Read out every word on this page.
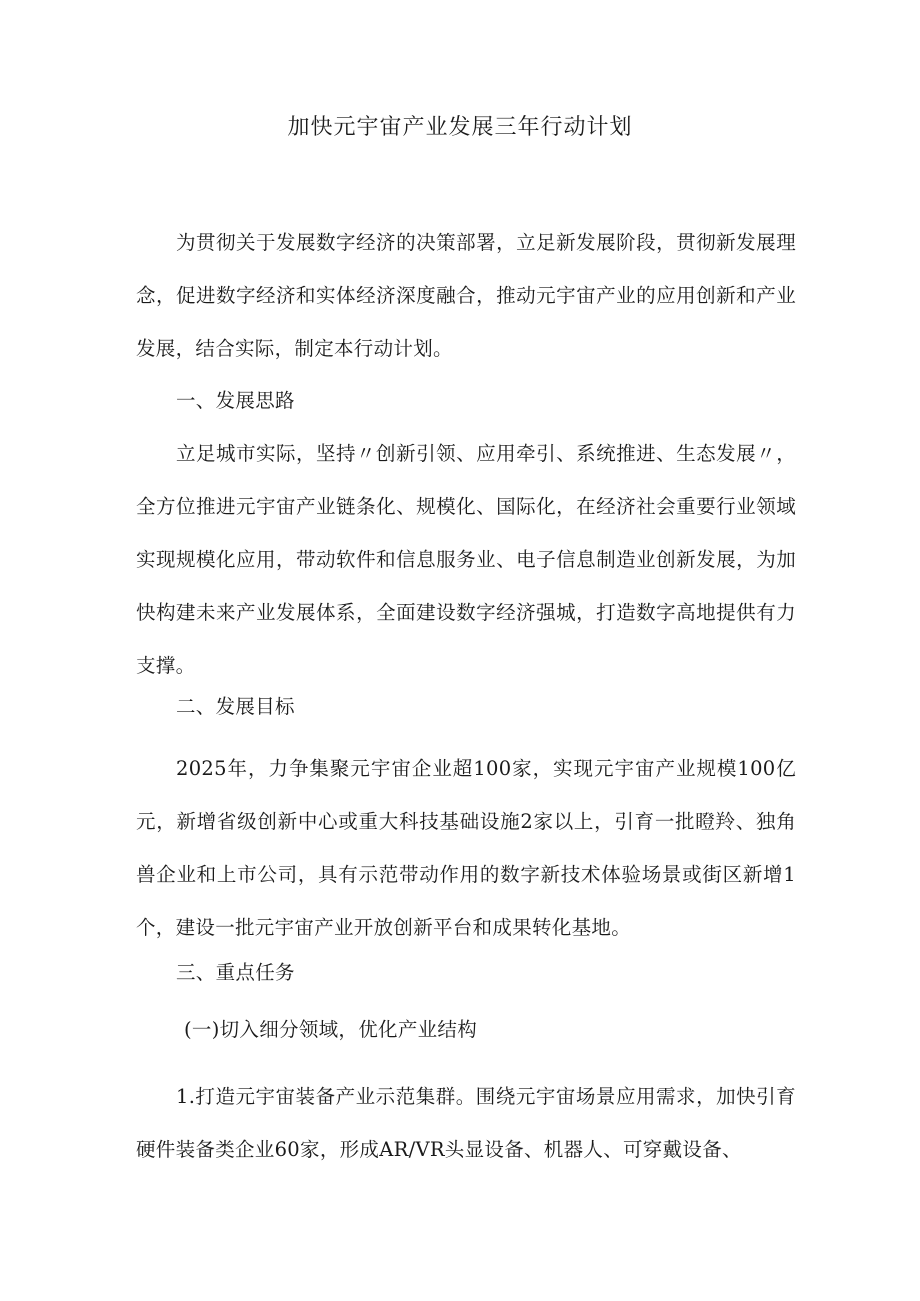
加快元宇宙产业发展三年行动计划

为贯彻关于发展数字经济的决策部署，立足新发展阶段，贯彻新发展理念，促进数字经济和实体经济深度融合，推动元宇宙产业的应用创新和产业发展，结合实际，制定本行动计划。

一、发展思路

立足城市实际，坚持〃创新引领、应用牵引、系统推进、生态发展〃，全方位推进元宇宙产业链条化、规模化、国际化，在经济社会重要行业领域实现规模化应用，带动软件和信息服务业、电子信息制造业创新发展，为加快构建未来产业发展体系，全面建设数字经济强城，打造数字高地提供有力支撑。

二、发展目标

2025年，力争集聚元宇宙企业超100家，实现元宇宙产业规模100亿元，新增省级创新中心或重大科技基础设施2家以上，引育一批瞪羚、独角兽企业和上市公司，具有示范带动作用的数字新技术体验场景或街区新增1个，建设一批元宇宙产业开放创新平台和成果转化基地。

三、重点任务
(一)切入细分领域，优化产业结构

1.打造元宇宙装备产业示范集群。围绕元宇宙场景应用需求，加快引育硬件装备类企业60家，形成AR/VR头显设备、机器人、可穿戴设备、
